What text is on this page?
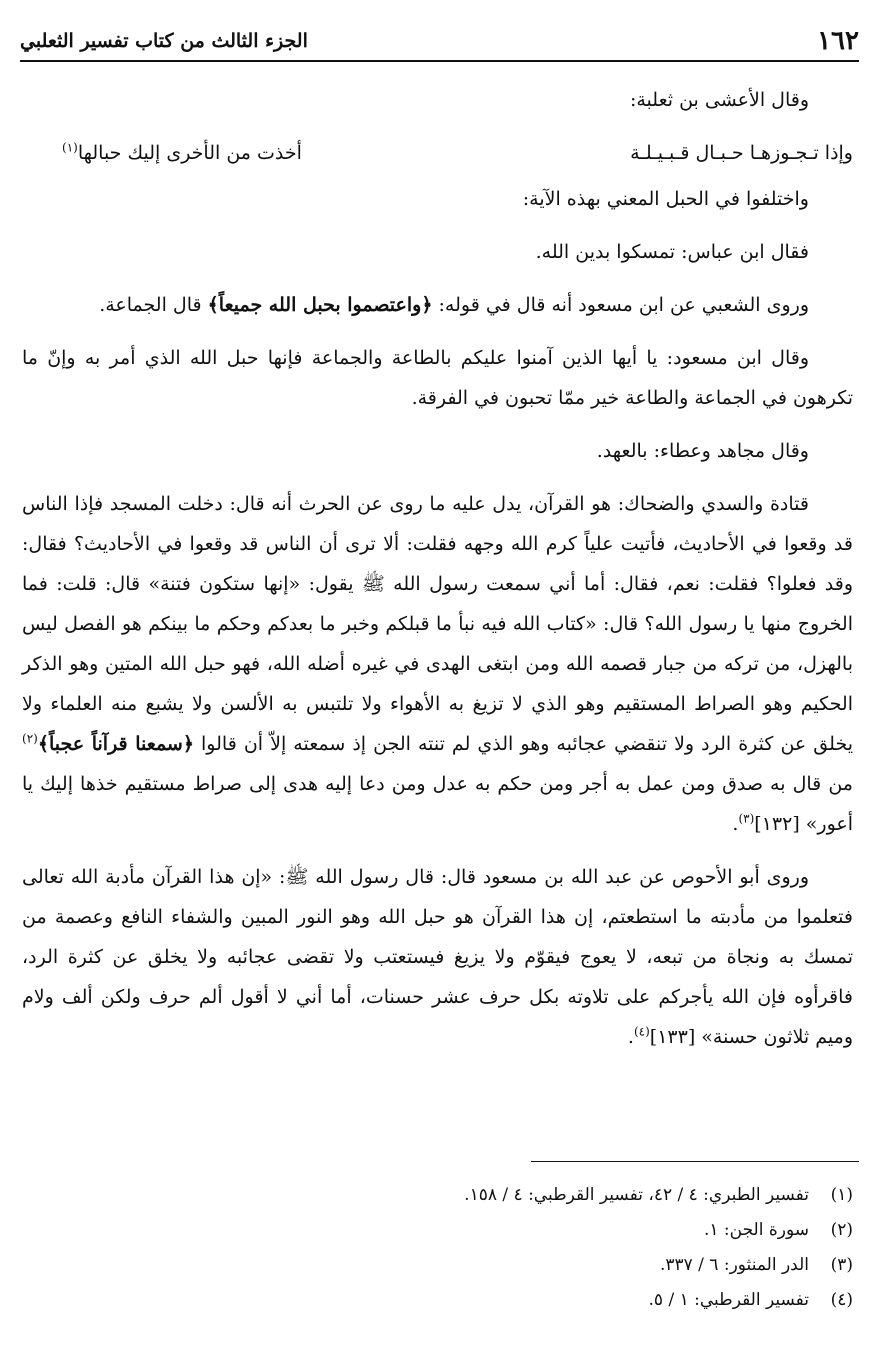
١٦٢
الجزء الثالث من كتاب تفسير الثعلبي

وقال الأعشى بن ثعلبة:

وإذا تـجـوزهـا حـبـال قـبـيـلـة
أخذت من الأخرى إليك حبالها$^{(١)}$

واختلفوا في الحبل المعني بهذه الآية:

فقال ابن عباس: تمسكوا بدين الله.

وروى الشعبي عن ابن مسعود أنه قال في قوله: ﴿واعتصموا بحبل الله جميعاً﴾ قال الجماعة.

وقال ابن مسعود: يا أيها الذين آمنوا عليكم بالطاعة والجماعة فإنها حبل الله الذي أمر به وإنّ ما تكرهون في الجماعة والطاعة خير ممّا تحبون في الفرقة.

وقال مجاهد وعطاء: بالعهد.

قتادة والسدي والضحاك: هو القرآن، يدل عليه ما روى عن الحرث أنه قال: دخلت المسجد فإذا الناس قد وقعوا في الأحاديث، فأتيت علياً كرم الله وجهه فقلت: ألا ترى أن الناس قد وقعوا في الأحاديث؟ فقال: وقد فعلوا؟ فقلت: نعم، فقال: أما أني سمعت رسول الله ﷺ يقول: «إنها ستكون فتنة» قال: قلت: فما الخروج منها يا رسول الله؟ قال: «كتاب الله فيه نبأ ما قبلكم وخبر ما بعدكم وحكم ما بينكم هو الفصل ليس بالهزل، من تركه من جبار قصمه الله ومن ابتغى الهدى في غيره أضله الله، فهو حبل الله المتين وهو الذكر الحكيم وهو الصراط المستقيم وهو الذي لا تزيغ به الأهواء ولا تلتبس به الألسن ولا يشبع منه العلماء ولا يخلق عن كثرة الرد ولا تنقضي عجائبه وهو الذي لم تنته الجن إذ سمعته إلاّ أن قالوا ﴿سمعنا قرآناً عجباً﴾$^{(٢)}$ من قال به صدق ومن عمل به أجر ومن حكم به عدل ومن دعا إليه هدى إلى صراط مستقيم خذها إليك يا أعور» [١٣٢]$^{(٣)}$.

وروى أبو الأحوص عن عبد الله بن مسعود قال: قال رسول الله ﷺ: «إن هذا القرآن مأدبة الله تعالى فتعلموا من مأدبته ما استطعتم، إن هذا القرآن هو حبل الله وهو النور المبين والشفاء النافع وعصمة من تمسك به ونجاة من تبعه، لا يعوج فيقوّم ولا يزيغ فيستعتب ولا تقضى عجائبه ولا يخلق عن كثرة الرد، فاقرأوه فإن الله يأجركم على تلاوته بكل حرف عشر حسنات، أما أني لا أقول ألم حرف ولكن ألف ولام وميم ثلاثون حسنة» [١٣٣]$^{(٤)}$.

(١)
تفسير الطبري: ٤ / ٤٢، تفسير القرطبي: ٤ / ١٥٨.
(٢)
سورة الجن: ١.
(٣)
الدر المنثور: ٦ / ٣٣٧.
(٤)
تفسير القرطبي: ١ / ٥.
